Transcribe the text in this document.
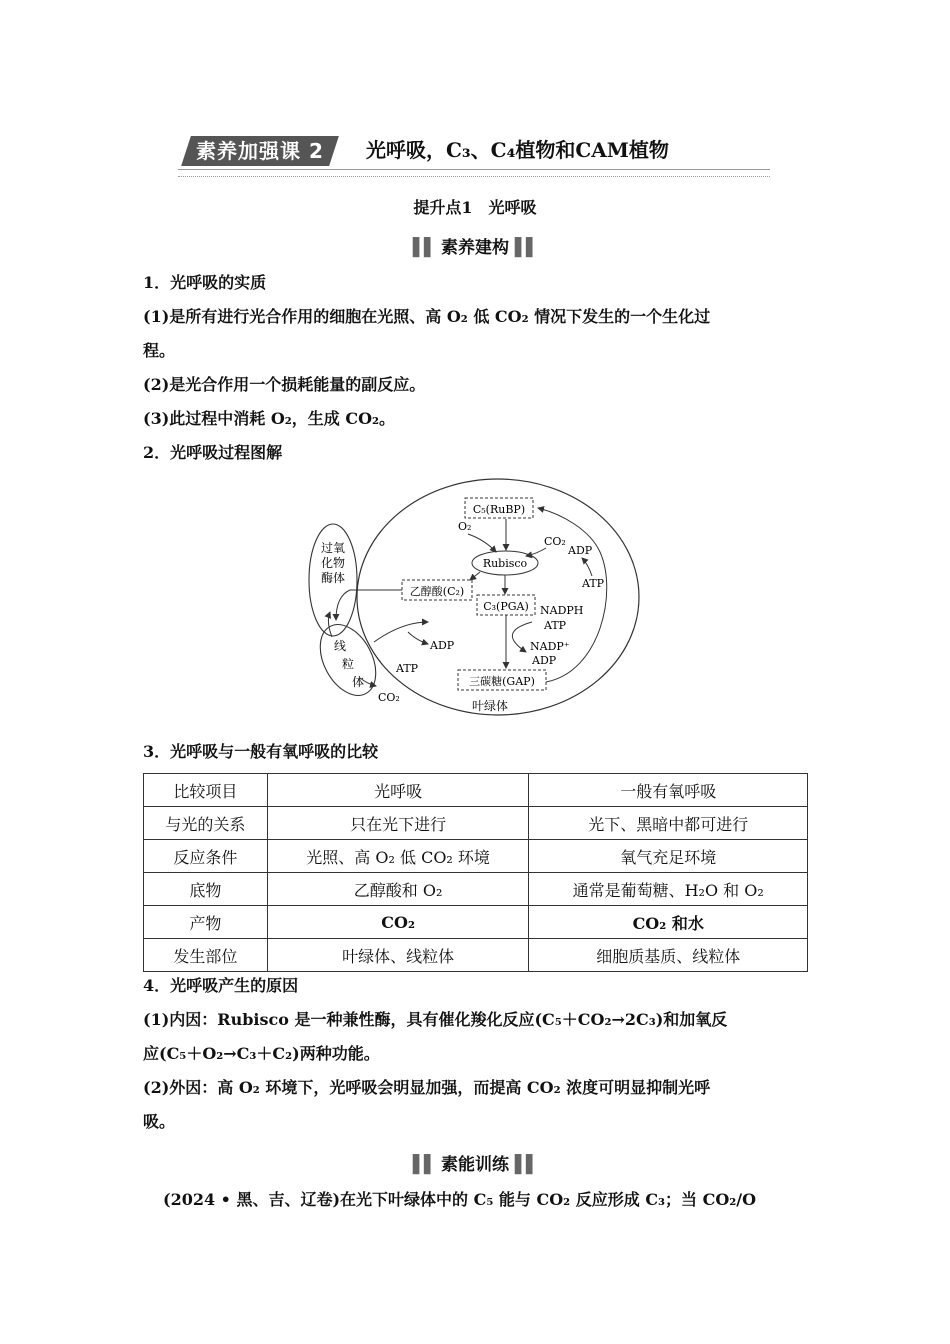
素养加强课 2	光呼吸，C₃、C₄植物和CAM植物
提升点1　光呼吸
▌▌ 素养建构 ▌▌
1．光呼吸的实质
(1)是所有进行光合作用的细胞在光照、高 O₂ 低 CO₂ 情况下发生的一个生化过
程。
(2)是光合作用一个损耗能量的副反应。
(3)此过程中消耗 O₂，生成 CO₂。
2．光呼吸过程图解
C₅(RuBP)
O₂
Rubisco
CO₂
ADP
ATP
乙醇酸(C₂)
C₃(PGA) NADPH
ATP
NADP⁺
ADP
三碳糖(GAP)
过氧
化物
酶体
线
粒
体
ADP
ATP
CO₂
叶绿体
3．光呼吸与一般有氧呼吸的比较
比较项目	光呼吸	一般有氧呼吸
与光的关系	只在光下进行	光下、黑暗中都可进行
反应条件	光照、高 O₂ 低 CO₂ 环境	氧气充足环境
底物	乙醇酸和 O₂	通常是葡萄糖、H₂O 和 O₂
产物	CO₂	CO₂ 和水
发生部位	叶绿体、线粒体	细胞质基质、线粒体
4．光呼吸产生的原因
(1)内因：Rubisco 是一种兼性酶，具有催化羧化反应(C₅＋CO₂→2C₃)和加氧反
应(C₅＋O₂→C₃＋C₂)两种功能。
(2)外因：高 O₂ 环境下，光呼吸会明显加强，而提高 CO₂ 浓度可明显抑制光呼
吸。
▌▌ 素能训练 ▌▌
(2024 • 黑、吉、辽卷)在光下叶绿体中的 C₅ 能与 CO₂ 反应形成 C₃；当 CO₂/O
